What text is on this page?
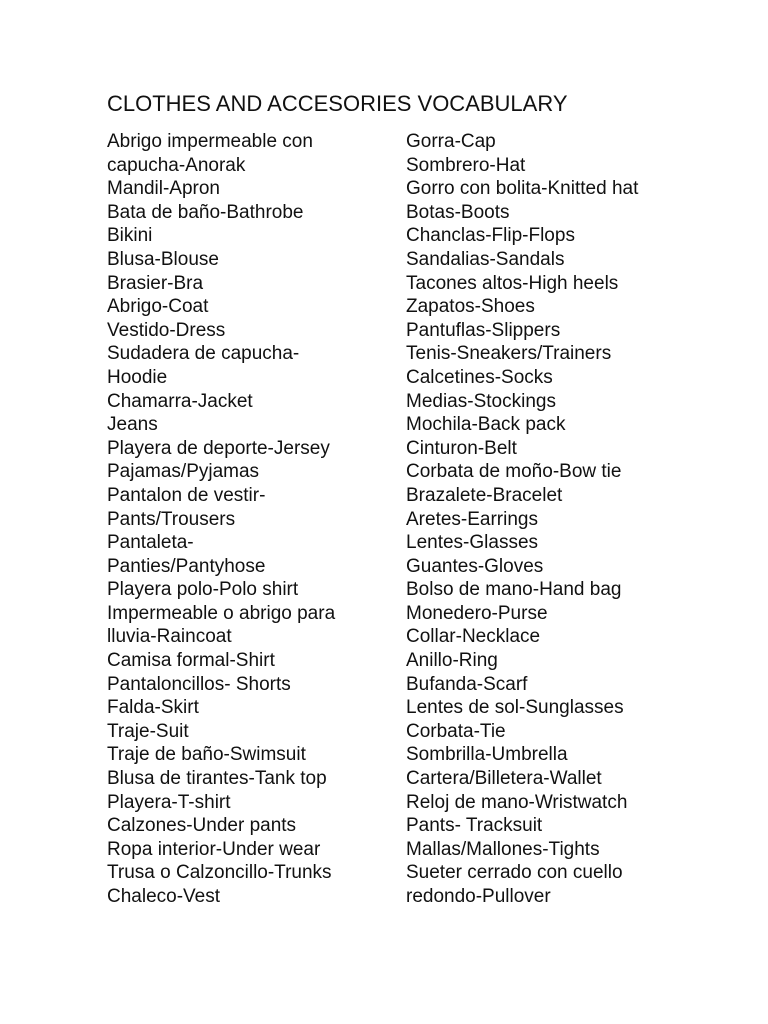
CLOTHES AND ACCESORIES VOCABULARY
Abrigo impermeable con
capucha-Anorak
Mandil-Apron
Bata de baño-Bathrobe
Bikini
Blusa-Blouse
Brasier-Bra
Abrigo-Coat
Vestido-Dress
Sudadera de capucha-
Hoodie
Chamarra-Jacket
Jeans
Playera de deporte-Jersey
Pajamas/Pyjamas
Pantalon de vestir-
Pants/Trousers
Pantaleta-
Panties/Pantyhose
Playera polo-Polo shirt
Impermeable o abrigo para
lluvia-Raincoat
Camisa formal-Shirt
Pantaloncillos- Shorts
Falda-Skirt
Traje-Suit
Traje de baño-Swimsuit
Blusa de tirantes-Tank top
Playera-T-shirt
Calzones-Under pants
Ropa interior-Under wear
Trusa o Calzoncillo-Trunks
Chaleco-Vest
Gorra-Cap
Sombrero-Hat
Gorro con bolita-Knitted hat
Botas-Boots
Chanclas-Flip-Flops
Sandalias-Sandals
Tacones altos-High heels
Zapatos-Shoes
Pantuflas-Slippers
Tenis-Sneakers/Trainers
Calcetines-Socks
Medias-Stockings
Mochila-Back pack
Cinturon-Belt
Corbata de moño-Bow tie
Brazalete-Bracelet
Aretes-Earrings
Lentes-Glasses
Guantes-Gloves
Bolso de mano-Hand bag
Monedero-Purse
Collar-Necklace
Anillo-Ring
Bufanda-Scarf
Lentes de sol-Sunglasses
Corbata-Tie
Sombrilla-Umbrella
Cartera/Billetera-Wallet
Reloj de mano-Wristwatch
Pants- Tracksuit
Mallas/Mallones-Tights
Sueter cerrado con cuello
redondo-Pullover
